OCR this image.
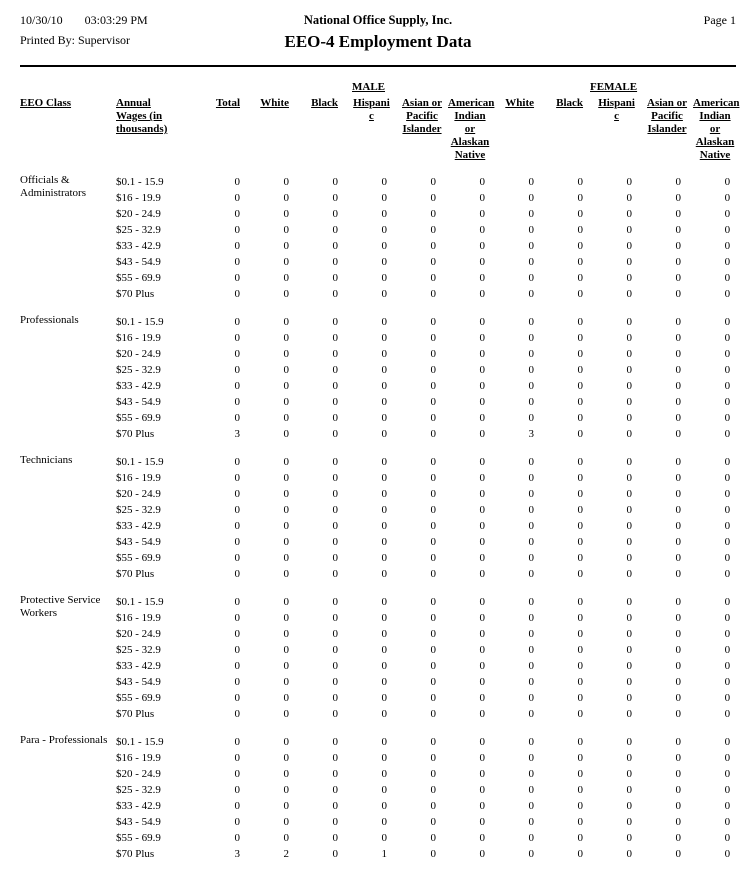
10/30/10 03:03:29 PM	National Office Supply, Inc.	Page 1
Printed By: Supervisor	EEO-4 Employment Data
			MALE					FEMALE				
EEO Class	Annual Wages (in thousands)	Total	White	Black	Hispanic	Asian or Pacific Islander	American Indian or Alaskan Native	White	Black	Hispanic	Asian or Pacific Islander	American Indian or Alaskan Native

Officials & Administrators	$0.1 - 15.9	0	0	0	0	0	0	0	0	0	0	0
	$16 - 19.9	0	0	0	0	0	0	0	0	0	0	0
	$20 - 24.9	0	0	0	0	0	0	0	0	0	0	0
	$25 - 32.9	0	0	0	0	0	0	0	0	0	0	0
	$33 - 42.9	0	0	0	0	0	0	0	0	0	0	0
	$43 - 54.9	0	0	0	0	0	0	0	0	0	0	0
	$55 - 69.9	0	0	0	0	0	0	0	0	0	0	0
	$70 Plus	0	0	0	0	0	0	0	0	0	0	0

Professionals	$0.1 - 15.9	0	0	0	0	0	0	0	0	0	0	0
	$16 - 19.9	0	0	0	0	0	0	0	0	0	0	0
	$20 - 24.9	0	0	0	0	0	0	0	0	0	0	0
	$25 - 32.9	0	0	0	0	0	0	0	0	0	0	0
	$33 - 42.9	0	0	0	0	0	0	0	0	0	0	0
	$43 - 54.9	0	0	0	0	0	0	0	0	0	0	0
	$55 - 69.9	0	0	0	0	0	0	0	0	0	0	0
	$70 Plus	3	0	0	0	0	0	3	0	0	0	0

Technicians	$0.1 - 15.9	0	0	0	0	0	0	0	0	0	0	0
	$16 - 19.9	0	0	0	0	0	0	0	0	0	0	0
	$20 - 24.9	0	0	0	0	0	0	0	0	0	0	0
	$25 - 32.9	0	0	0	0	0	0	0	0	0	0	0
	$33 - 42.9	0	0	0	0	0	0	0	0	0	0	0
	$43 - 54.9	0	0	0	0	0	0	0	0	0	0	0
	$55 - 69.9	0	0	0	0	0	0	0	0	0	0	0
	$70 Plus	0	0	0	0	0	0	0	0	0	0	0

Protective Service Workers	$0.1 - 15.9	0	0	0	0	0	0	0	0	0	0	0
	$16 - 19.9	0	0	0	0	0	0	0	0	0	0	0
	$20 - 24.9	0	0	0	0	0	0	0	0	0	0	0
	$25 - 32.9	0	0	0	0	0	0	0	0	0	0	0
	$33 - 42.9	0	0	0	0	0	0	0	0	0	0	0
	$43 - 54.9	0	0	0	0	0	0	0	0	0	0	0
	$55 - 69.9	0	0	0	0	0	0	0	0	0	0	0
	$70 Plus	0	0	0	0	0	0	0	0	0	0	0

Para - Professionals	$0.1 - 15.9	0	0	0	0	0	0	0	0	0	0	0
	$16 - 19.9	0	0	0	0	0	0	0	0	0	0	0
	$20 - 24.9	0	0	0	0	0	0	0	0	0	0	0
	$25 - 32.9	0	0	0	0	0	0	0	0	0	0	0
	$33 - 42.9	0	0	0	0	0	0	0	0	0	0	0
	$43 - 54.9	0	0	0	0	0	0	0	0	0	0	0
	$55 - 69.9	0	0	0	0	0	0	0	0	0	0	0
	$70 Plus	3	2	0	1	0	0	0	0	0	0	0
